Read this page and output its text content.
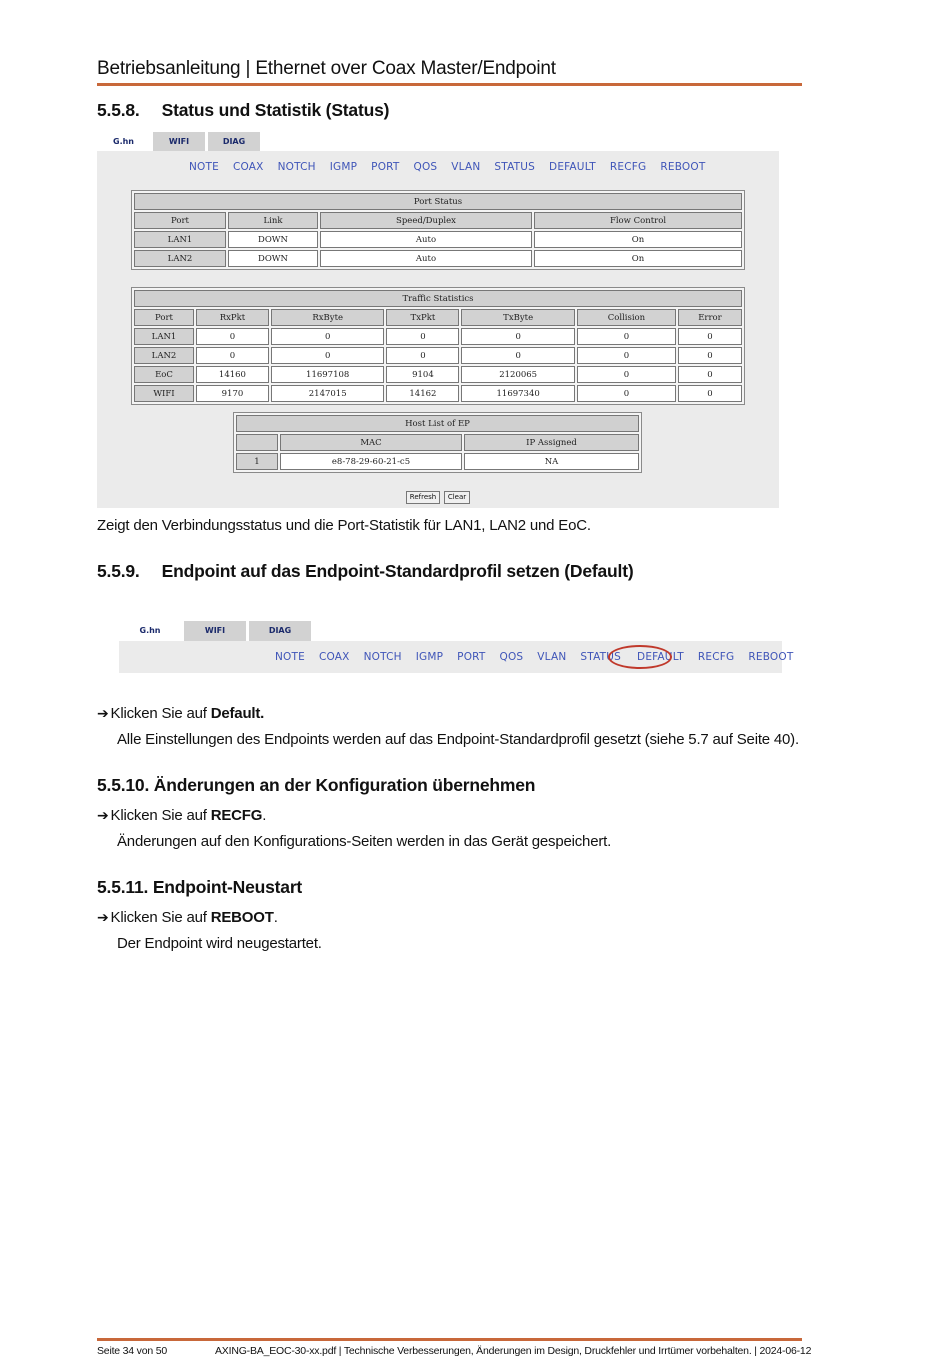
Betriebsanleitung | Ethernet over Coax Master/Endpoint
5.5.8. Status und Statistik (Status)
G.hn	WIFI	DIAG
NOTE COAX NOTCH IGMP PORT QOS VLAN STATUS DEFAULT RECFG REBOOT
Port Status			
Port	Link	Speed/Duplex	Flow Control
LAN1	DOWN	Auto	On
LAN2	DOWN	Auto	On
Traffic Statistics						
Port	RxPkt	RxByte	TxPkt	TxByte	Collision	Error
LAN1	0	0	0	0	0	0
LAN2	0	0	0	0	0	0
EoC	14160	11697108	9104	2120065	0	0
WIFI	9170	2147015	14162	11697340	0	0
Host List of EP		
	MAC	IP Assigned
1	e8-78-29-60-21-c5	NA
Refresh	Clear
Zeigt den Verbindungsstatus und die Port-Statistik für LAN1, LAN2 und EoC.
5.5.9. Endpoint auf das Endpoint-Standardprofil setzen (Default)
G.hn	WIFI	DIAG
NOTE COAX NOTCH IGMP PORT QOS VLAN STATUS DEFAULT RECFG REBOOT
➔ Klicken Sie auf Default.
Alle Einstellungen des Endpoints werden auf das Endpoint-Standardprofil gesetzt (siehe 5.7 auf Seite 40).
5.5.10. Änderungen an der Konfiguration übernehmen
➔ Klicken Sie auf RECFG.
Änderungen auf den Konfigurations-Seiten werden in das Gerät gespeichert.
5.5.11. Endpoint-Neustart
➔ Klicken Sie auf REBOOT.
Der Endpoint wird neugestartet.
Seite 34 von 50	AXING-BA_EOC-30-xx.pdf | Technische Verbesserungen, Änderungen im Design, Druckfehler und Irrtümer vorbehalten. | 2024-06-12
